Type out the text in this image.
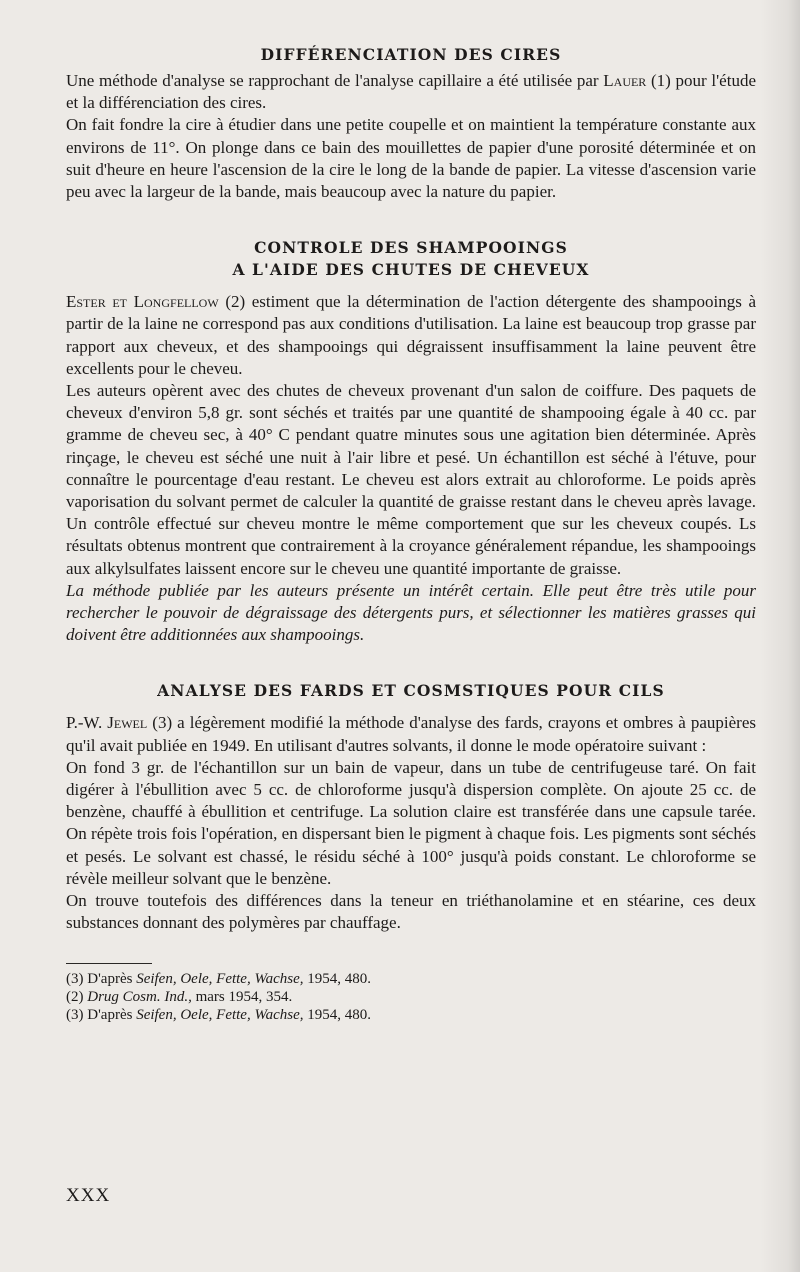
DIFFÉRENCIATION DES CIRES

Une méthode d'analyse se rapprochant de l'analyse capillaire a été utilisée par Lauer (1) pour l'étude et la différenciation des cires.

On fait fondre la cire à étudier dans une petite coupelle et on maintient la température constante aux environs de 11°. On plonge dans ce bain des mouillettes de papier d'une porosité déterminée et on suit d'heure en heure l'ascension de la cire le long de la bande de papier. La vitesse d'ascension varie peu avec la largeur de la bande, mais beaucoup avec la nature du papier.

CONTROLE DES SHAMPOOINGS
A L'AIDE DES CHUTES DE CHEVEUX

Ester et Longfellow (2) estiment que la détermination de l'action détergente des shampooings à partir de la laine ne correspond pas aux conditions d'utilisation. La laine est beaucoup trop grasse par rapport aux cheveux, et des shampooings qui dégraissent insuffisamment la laine peuvent être excellents pour le cheveu.

Les auteurs opèrent avec des chutes de cheveux provenant d'un salon de coiffure. Des paquets de cheveux d'environ 5,8 gr. sont séchés et traités par une quantité de shampooing égale à 40 cc. par gramme de cheveu sec, à 40° C pendant quatre minutes sous une agitation bien déterminée. Après rinçage, le cheveu est séché une nuit à l'air libre et pesé. Un échantillon est séché à l'étuve, pour connaître le pourcentage d'eau restant. Le cheveu est alors extrait au chloroforme. Le poids après vaporisation du solvant permet de calculer la quantité de graisse restant dans le cheveu après lavage. Un contrôle effectué sur cheveu montre le même comportement que sur les cheveux coupés. Ls résultats obtenus montrent que contrairement à la croyance généralement répandue, les shampooings aux alkylsulfates laissent encore sur le cheveu une quantité importante de graisse.

La méthode publiée par les auteurs présente un intérêt certain. Elle peut être très utile pour rechercher le pouvoir de dégraissage des détergents purs, et sélectionner les matières grasses qui doivent être additionnées aux shampooings.

ANALYSE DES FARDS ET COSMSTIQUES POUR CILS

P.-W. Jewel (3) a légèrement modifié la méthode d'analyse des fards, crayons et ombres à paupières qu'il avait publiée en 1949. En utilisant d'autres solvants, il donne le mode opératoire suivant :

On fond 3 gr. de l'échantillon sur un bain de vapeur, dans un tube de centrifugeuse taré. On fait digérer à l'ébullition avec 5 cc. de chloroforme jusqu'à dispersion complète. On ajoute 25 cc. de benzène, chauffé à ébullition et centrifuge. La solution claire est transférée dans une capsule tarée. On répète trois fois l'opération, en dispersant bien le pigment à chaque fois. Les pigments sont séchés et pesés. Le solvant est chassé, le résidu séché à 100° jusqu'à poids constant. Le chloroforme se révèle meilleur solvant que le benzène.

On trouve toutefois des différences dans la teneur en triéthanolamine et en stéarine, ces deux substances donnant des polymères par chauffage.

(3) D'après Seifen, Oele, Fette, Wachse, 1954, 480.

(2) Drug Cosm. Ind., mars 1954, 354.

(3) D'après Seifen, Oele, Fette, Wachse, 1954, 480.

XXX
